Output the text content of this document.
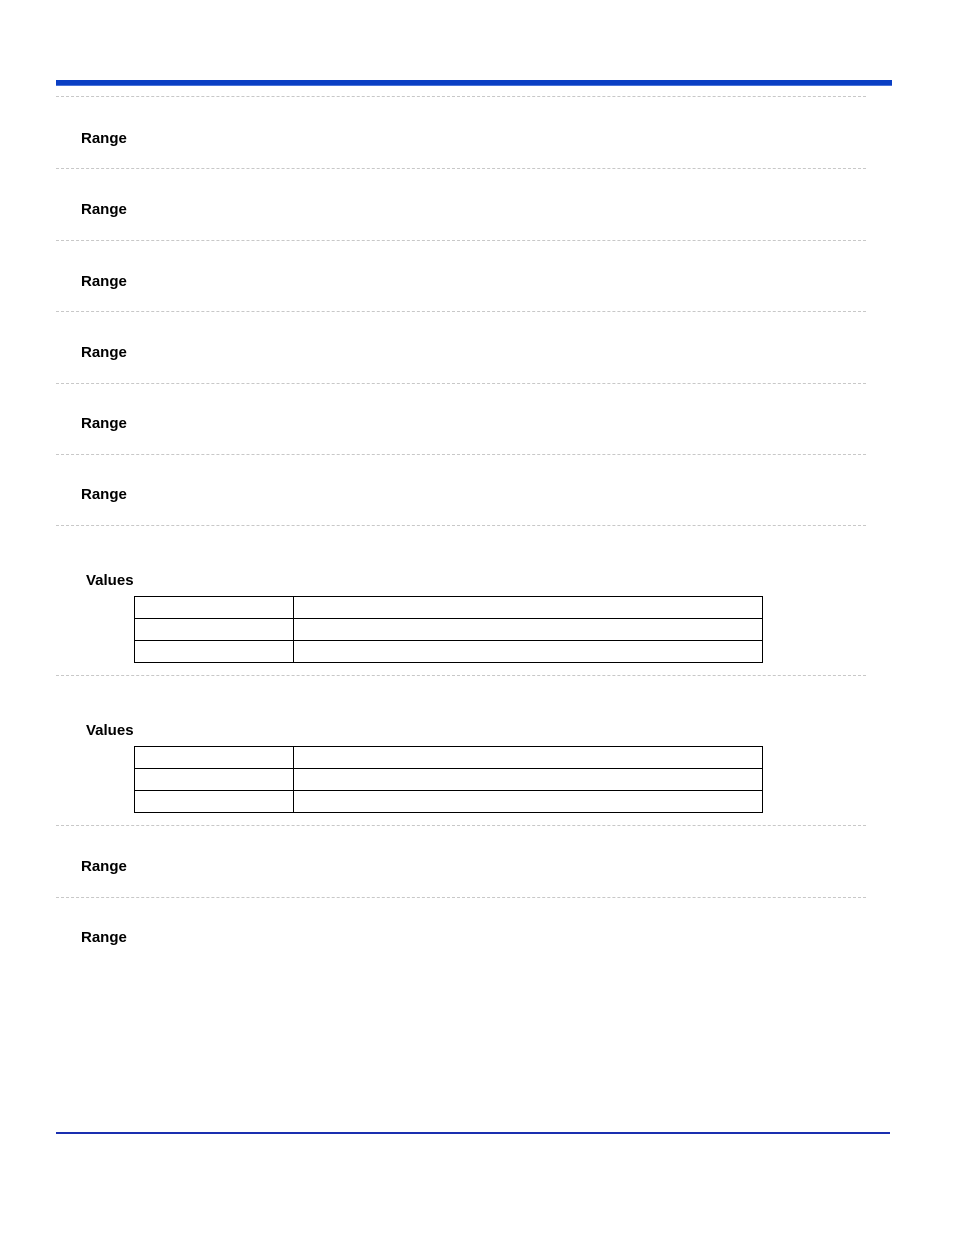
Range
Range
Range
Range
Range
Range
Values

Values

Range
Range
